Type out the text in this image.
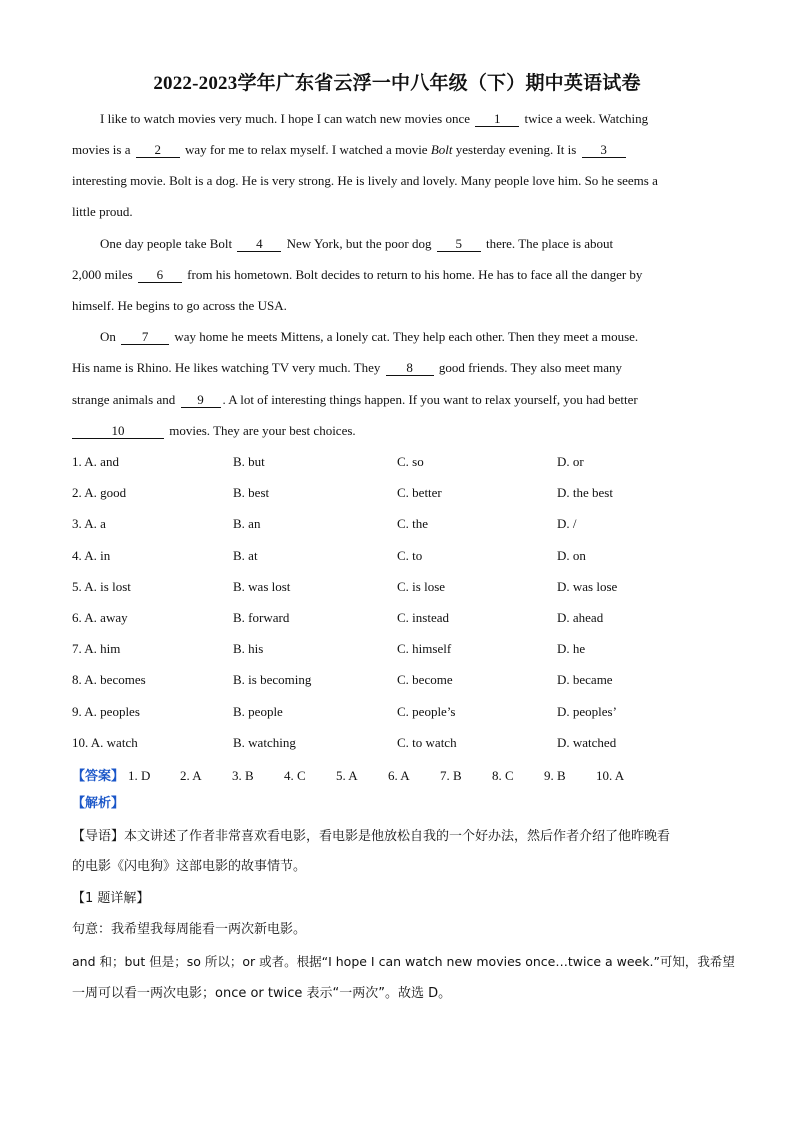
2022-2023学年广东省云浮一中八年级（下）期中英语试卷
I like to watch movies very much. I hope I can watch new movies once 1 twice a week. Watching
movies is a 2 way for me to relax myself. I watched a movie Bolt yesterday evening. It is 3
interesting movie. Bolt is a dog. He is very strong. He is lively and lovely. Many people love him. So he seems a
little proud.
One day people take Bolt 4 New York, but the poor dog 5 there. The place is about
2,000 miles 6 from his hometown. Bolt decides to return to his home. He has to face all the danger by
himself. He begins to go across the USA.
On 7 way home he meets Mittens, a lonely cat. They help each other. Then they meet a mouse.
His name is Rhino. He likes watching TV very much. They 8 good friends. They also meet many
strange animals and 9 . A lot of interesting things happen. If you want to relax yourself, you had better
10	movies. They are your best choices.
1. A. and	B. but	C. so	D. or
2. A. good	B. best	C. better	D. the best
3. A. a	B. an	C. the	D. /
4. A. in	B. at	C. to	D. on
5. A. is lost	B. was lost	C. is lose	D. was lose
6. A. away	B. forward	C. instead	D. ahead
7. A. him	B. his	C. himself	D. he
8. A. becomes	B. is becoming	C. become	D. became
9. A. peoples	B. people	C. people’s	D. peoples’
10. A. watch	B. watching	C. to watch	D. watched
【答案】 1. D 2. A 3. B 4. C 5. A 6. A 7. B 8. C 9. B 10. A
【解析】
【导语】本文讲述了作者非常喜欢看电影，看电影是他放松自我的一个好办法，然后作者介绍了他昨晚看
的电影《闪电狗》这部电影的故事情节。
【1 题详解】
句意：我希望我每周能看一两次新电影。
and 和；but 但是；so 所以；or 或者。根据“I hope I can watch new movies once…twice a week.”可知，我希望
一周可以看一两次电影；once or twice 表示“一两次”。故选 D。
